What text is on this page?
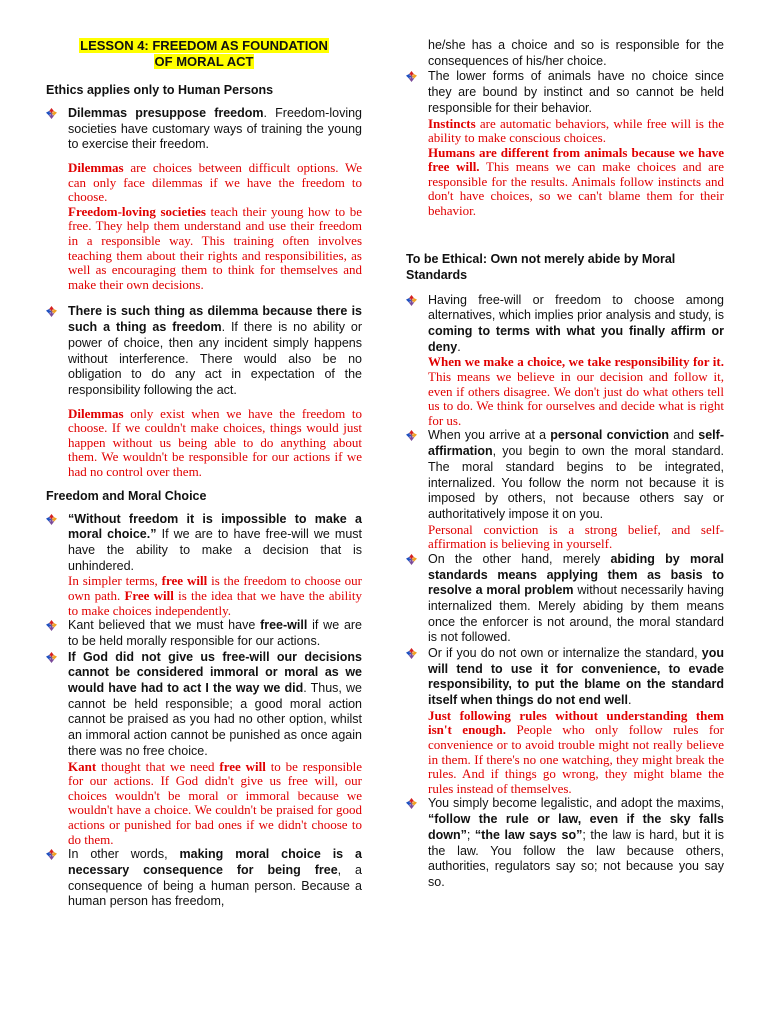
LESSON 4: FREEDOM AS FOUNDATION
OF MORAL ACT
Ethics applies only to Human Persons

Dilemmas presuppose freedom. Freedom-loving societies have customary ways of training the young to exercise their freedom.

Dilemmas are choices between difficult options. We can only face dilemmas if we have the freedom to choose.

Freedom-loving societies teach their young how to be free. They help them understand and use their freedom in a responsible way. This training often involves teaching them about their rights and responsibilities, as well as encouraging them to think for themselves and make their own decisions.

There is such thing as dilemma because there is such a thing as freedom. If there is no ability or power of choice, then any incident simply happens without interference. There would also be no obligation to do any act in expectation of the responsibility following the act.

Dilemmas only exist when we have the freedom to choose. If we couldn't make choices, things would just happen without us being able to do anything about them. We wouldn't be responsible for our actions if we had no control over them.

Freedom and Moral Choice

“Without freedom it is impossible to make a moral choice.” If we are to have free-will we must have the ability to make a decision that is unhindered.

In simpler terms, free will is the freedom to choose our own path. Free will is the idea that we have the ability to make choices independently.

Kant believed that we must have free-will if we are to be held morally responsible for our actions.

If God did not give us free-will our decisions cannot be considered immoral or moral as we would have had to act I the way we did. Thus, we cannot be held responsible; a good moral action cannot be praised as you had no other option, whilst an immoral action cannot be punished as once again there was no free choice.

Kant thought that we need free will to be responsible for our actions. If God didn't give us free will, our choices wouldn't be moral or immoral because we wouldn't have a choice. We couldn't be praised for good actions or punished for bad ones if we didn't choose to do them.

In other words, making moral choice is a necessary consequence for being free, a consequence of being a human person. Because a human person has freedom,

he/she has a choice and so is responsible for the consequences of his/her choice.

The lower forms of animals have no choice since they are bound by instinct and so cannot be held responsible for their behavior.

Instincts are automatic behaviors, while free will is the ability to make conscious choices.

Humans are different from animals because we have free will. This means we can make choices and are responsible for the results. Animals follow instincts and don't have choices, so we can't blame them for their behavior.

To be Ethical: Own not merely abide by Moral Standards

Having free-will or freedom to choose among alternatives, which implies prior analysis and study, is coming to terms with what you finally affirm or deny.

When we make a choice, we take responsibility for it. This means we believe in our decision and follow it, even if others disagree. We don't just do what others tell us to do. We think for ourselves and decide what is right for us.

When you arrive at a personal conviction and self-affirmation, you begin to own the moral standard. The moral standard begins to be integrated, internalized. You follow the norm not because it is imposed by others, not because others say or authoritatively impose it on you.

Personal conviction is a strong belief, and self-affirmation is believing in yourself.

On the other hand, merely abiding by moral standards means applying them as basis to resolve a moral problem without necessarily having internalized them. Merely abiding by them means once the enforcer is not around, the moral standard is not followed.

Or if you do not own or internalize the standard, you will tend to use it for convenience, to evade responsibility, to put the blame on the standard itself when things do not end well.

Just following rules without understanding them isn't enough. People who only follow rules for convenience or to avoid trouble might not really believe in them. If there's no one watching, they might break the rules. And if things go wrong, they might blame the rules instead of themselves.

You simply become legalistic, and adopt the maxims, “follow the rule or law, even if the sky falls down”; “the law says so”; the law is hard, but it is the law. You follow the law because others, authorities, regulators say so; not because you say so.
